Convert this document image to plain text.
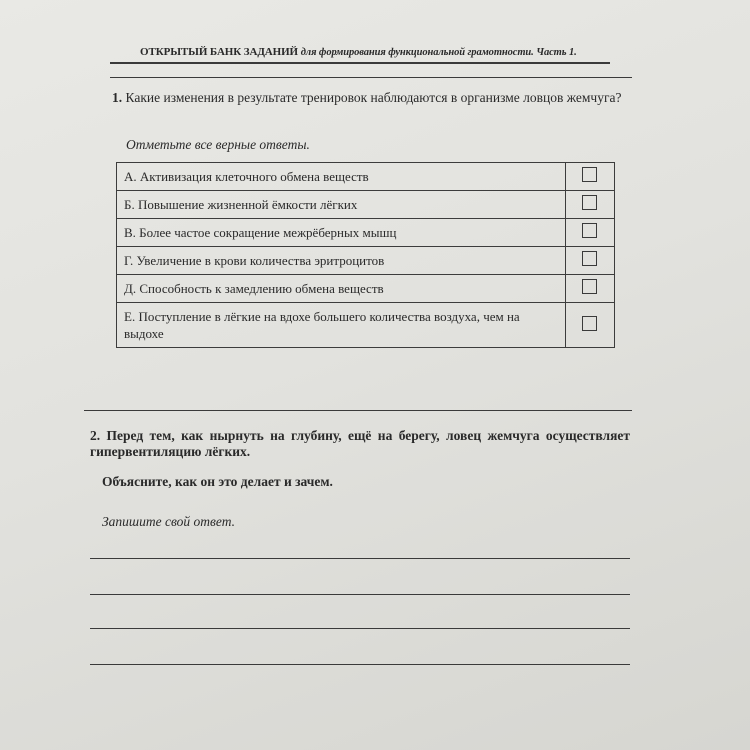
ОТКРЫТЫЙ БАНК ЗАДАНИЙ для формирования функциональной грамотности. Часть 1.
1. Какие изменения в результате тренировок наблюдаются в организме ловцов жемчуга?
Отметьте все верные ответы.
А. Активизация клеточного обмена веществ	
Б. Повышение жизненной ёмкости лёгких	
В. Более частое сокращение межрёберных мышц	
Г. Увеличение в крови количества эритроцитов	
Д. Способность к замедлению обмена веществ	
Е. Поступление в лёгкие на вдохе большего количества воздуха, чем на выдохе	
2. Перед тем, как нырнуть на глубину, ещё на берегу, ловец жемчуга осуществляет гипервентиляцию лёгких.
Объясните, как он это делает и зачем.
Запишите свой ответ.
